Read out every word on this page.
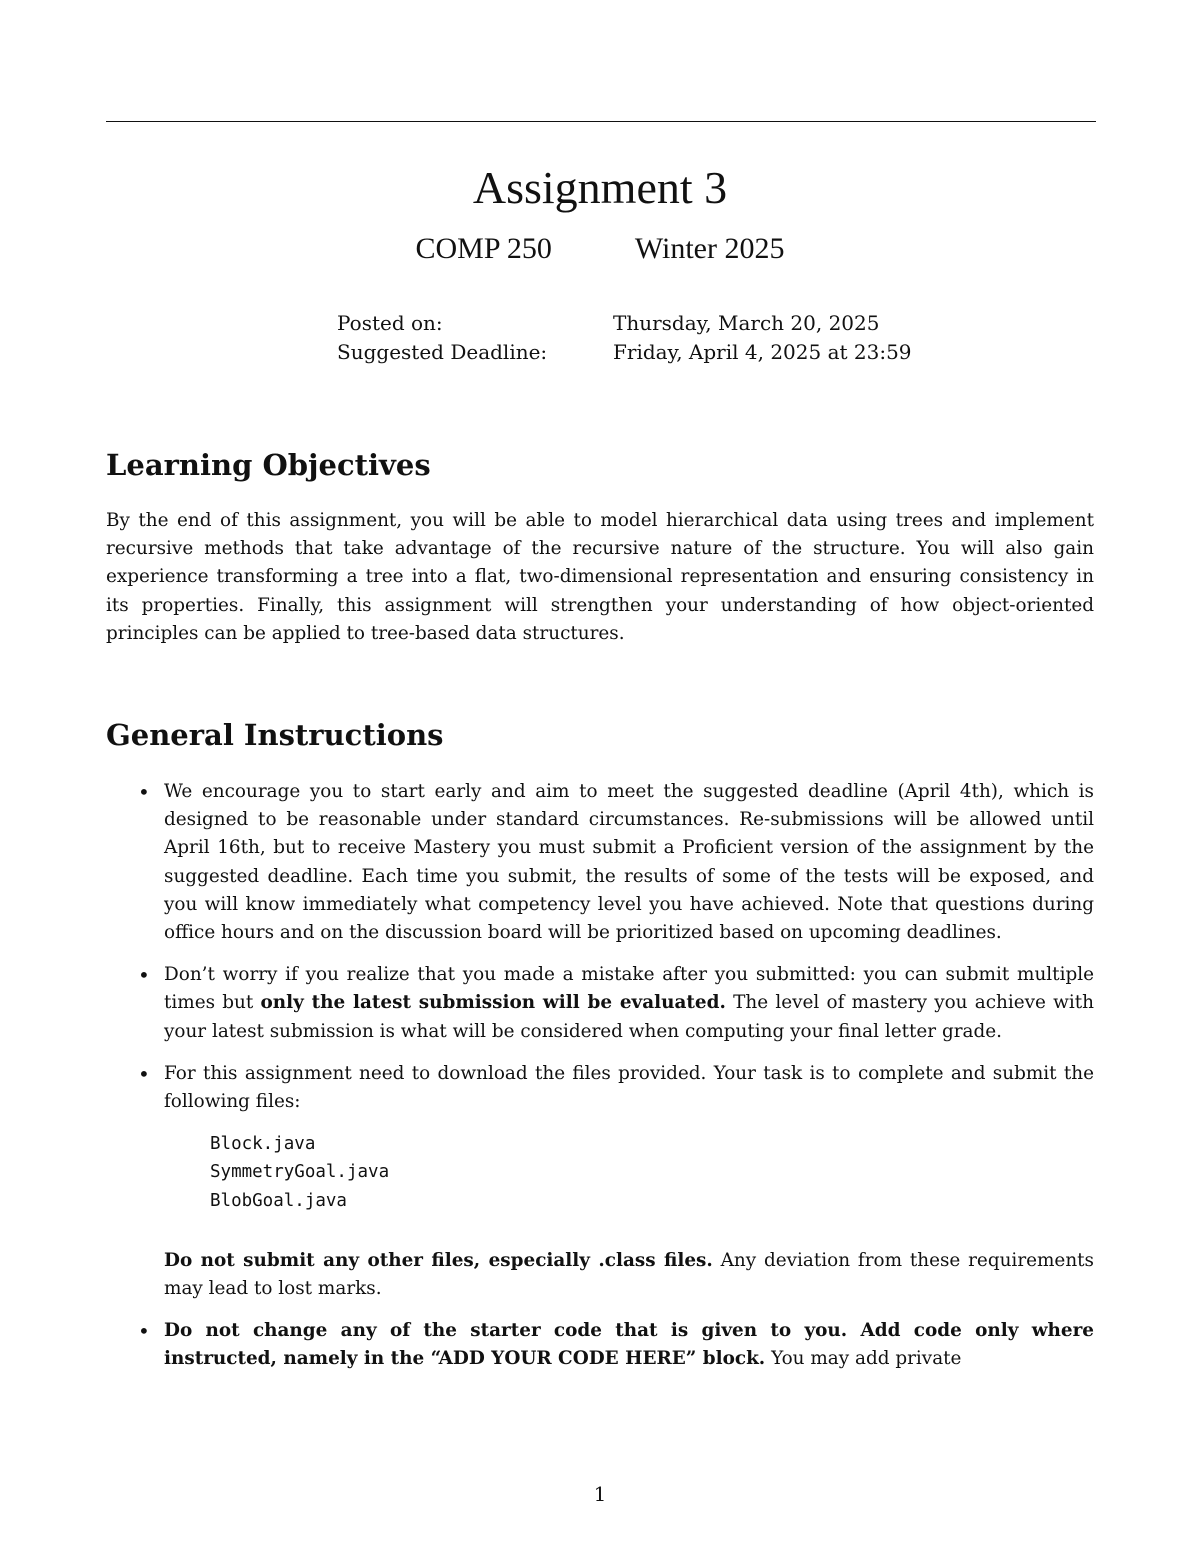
Assignment 3
COMP 250	Winter 2025
Posted on:	Thursday, March 20, 2025
Suggested Deadline:	Friday, April 4, 2025 at 23:59
Learning Objectives

By the end of this assignment, you will be able to model hierarchical data using trees and implement recursive methods that take advantage of the recursive nature of the structure. You will also gain experience transforming a tree into a flat, two-dimensional representation and ensuring consistency in its properties. Finally, this assignment will strengthen your understanding of how object-oriented principles can be applied to tree-based data structures.

General Instructions
• We encourage you to start early and aim to meet the suggested deadline (April 4th), which is designed to be reasonable under standard circumstances. Re-submissions will be allowed until April 16th, but to receive Mastery you must submit a Proficient version of the assignment by the suggested deadline. Each time you submit, the results of some of the tests will be exposed, and you will know immediately what competency level you have achieved. Note that questions during office hours and on the discussion board will be prioritized based on upcoming deadlines.
• Don’t worry if you realize that you made a mistake after you submitted: you can submit multiple times but only the latest submission will be evaluated. The level of mastery you achieve with your latest submission is what will be considered when computing your final letter grade.
• For this assignment need to download the files provided. Your task is to complete and submit the following files:
Block.java
SymmetryGoal.java
BlobGoal.java
Do not submit any other files, especially .class files. Any deviation from these requirements may lead to lost marks.
• Do not change any of the starter code that is given to you. Add code only where instructed, namely in the “ADD YOUR CODE HERE” block. You may add private
1
